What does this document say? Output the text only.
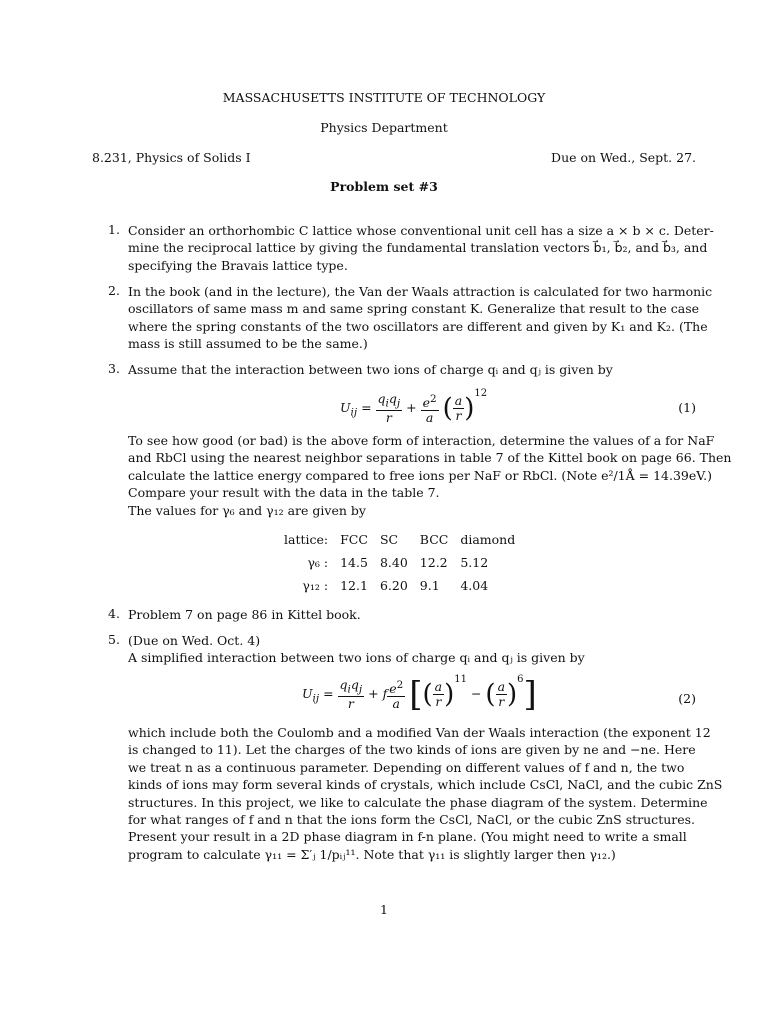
MASSACHUSETTS INSTITUTE OF TECHNOLOGY
Physics Department
8.231, Physics of Solids I	Due on Wed., Sept. 27.
Problem set #3
1. Consider an orthorhombic C lattice whose conventional unit cell has a size a × b × c. Deter-
mine the reciprocal lattice by giving the fundamental translation vectors b⃗₁, b⃗₂, and b⃗₃, and
specifying the Bravais lattice type.
2. In the book (and in the lecture), the Van der Waals attraction is calculated for two harmonic
oscillators of same mass m and same spring constant K. Generalize that result to the case
where the spring constants of the two oscillators are different and given by K₁ and K₂. (The
mass is still assumed to be the same.)
3. Assume that the interaction between two ions of charge qᵢ and qⱼ is given by
$U_{ij} = \frac{q_iq_j}{r} + \frac{e^2}{a}$ ( $\frac{a}{r} )^{12}$
(1)
To see how good (or bad) is the above form of interaction, determine the values of a for NaF
and RbCl using the nearest neighbor separations in table 7 of the Kittel book on page 66. Then
calculate the lattice energy compared to free ions per NaF or RbCl. (Note e²/1Å = 14.39eV.)
Compare your result with the data in the table 7.
The values for γ₆ and γ₁₂ are given by
lattice:	FCC	SC	BCC	diamond
γ₆ :	14.5	8.40	12.2	5.12
γ₁₂ :	12.1	6.20	9.1	4.04
4. Problem 7 on page 86 in Kittel book.
5. (Due on Wed. Oct. 4)
A simplified interaction between two ions of charge qᵢ and qⱼ is given by
$U_{ij} = \frac{q_iq_j}{r} + f \frac{e^2}{a}$ [( $\frac{a}{r} )^{11}$ − ( $\frac{a}{r} )^6$]	(2)
which include both the Coulomb and a modified Van der Waals interaction (the exponent 12
is changed to 11). Let the charges of the two kinds of ions are given by ne and −ne. Here
we treat n as a continuous parameter. Depending on different values of f and n, the two
kinds of ions may form several kinds of crystals, which include CsCl, NaCl, and the cubic ZnS
structures. In this project, we like to calculate the phase diagram of the system. Determine
for what ranges of f and n that the ions form the CsCl, NaCl, or the cubic ZnS structures.
Present your result in a 2D phase diagram in f-n plane. (You might need to write a small
program to calculate γ₁₁ = Σ′ⱼ 1/pᵢⱼ¹¹. Note that γ₁₁ is slightly larger then γ₁₂.)
1
